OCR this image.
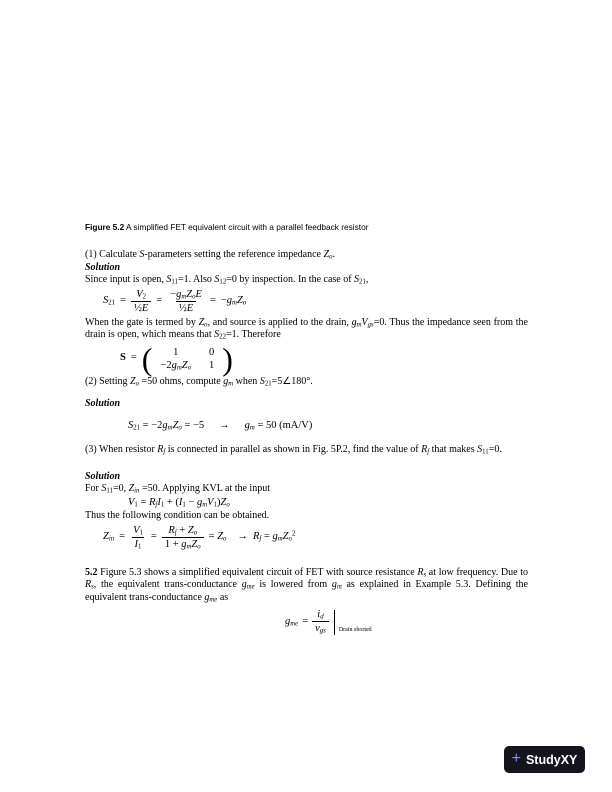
Figure 5.2 A simplified FET equivalent circuit with a parallel feedback resistor

(1) Calculate S-parameters setting the reference impedance $Z_o$.

Solution

Since input is open, $S_{11}=1$. Also $S_{12}=0$ by inspection. In the case of $S_{21}$,

$S_{21} = \frac{V_2}{\text{½E}} = \frac{-g_mZ_oE}{\text{½E}} = -g_mZ_o$

When the gate is termed by $Z_o$, and source is applied to the drain, $g_mV_{gs}=0$. Thus the impedance seen from the drain is open, which means that $S_{22}=1$. Therefore

S = (	1	0
$-2g_mZ_o$ 1 )

(2) Setting $Z_o =50$ ohms, compute $g_m$ when $S_{21}=5\angle 180^\circ$.

Solution

$S_{21} = -2g_mZ_o = -5 \to g_m = 50$ (mA/V)

(3) When resistor $R_f$ is connected in parallel as shown in Fig. 5P.2, find the value of $R_f$ that makes $S_{11}=0$.

Solution

For $S_{11}=0$, $Z_{in} =50$. Applying KVL at the input

$V_1 = R_fI_1 + (I_1 - g_mV_1)Z_o$

Thus the following condition can be obtained.

$Z_{in} = \frac{V_1}{I_1} = \frac{R_f + Z_o}{1 + g_mZ_o} = Z_o \to R_f = g_mZ_o^2$

5.2 Figure 5.3 shows a simplified equivalent circuit of FET with source resistance $R_s$ at low frequency. Due to $R_s$, the equivalent trans-conductance $g_{me}$ is lowered from $g_m$ as explained in Example 5.3. Defining the equivalent trans-conductance $g_{me}$ as

$g_{me} = \frac{i_d}{v_{gs}}$ Drain shorted
+ StudyXY
